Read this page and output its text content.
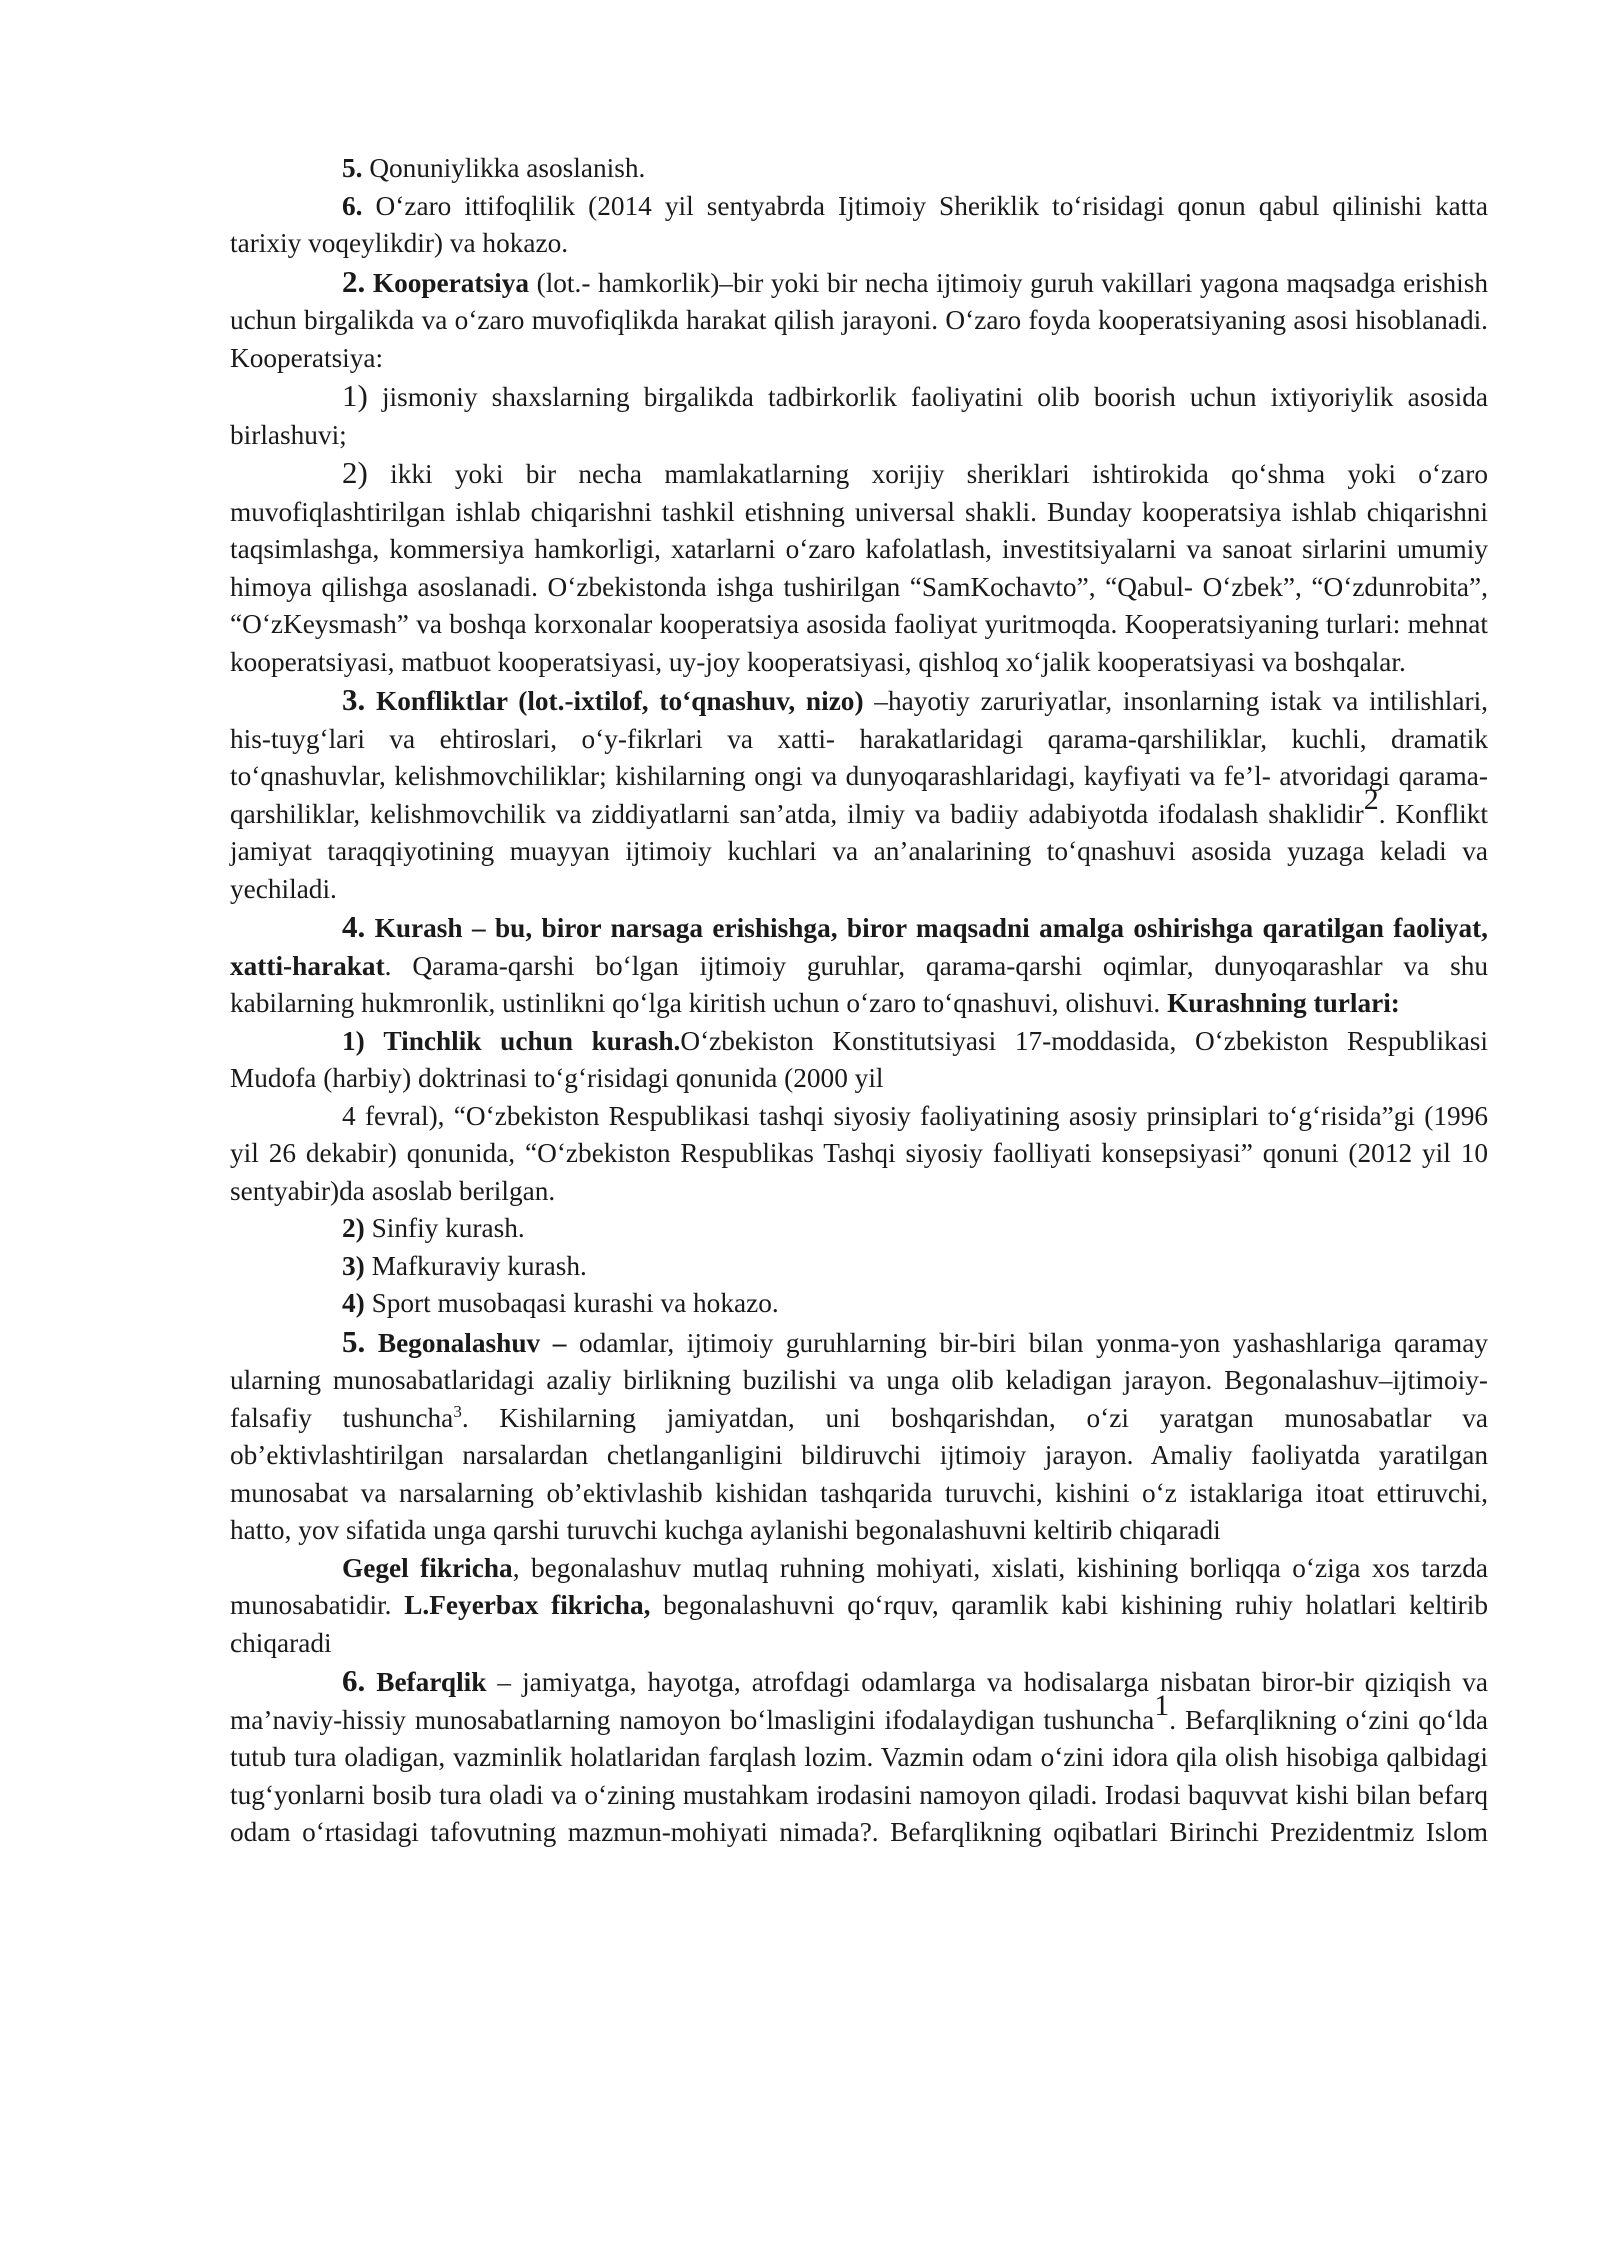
5. Qonuniylikka asoslanish.

6. O‘zaro ittifoqlilik (2014 yil sentyabrda Ijtimoiy Sheriklik to‘risidagi qonun qabul qilinishi katta tarixiy voqeylikdir) va hokazo.

2. Kooperatsiya (lot.- hamkorlik)–bir yoki bir necha ijtimoiy guruh vakillari yagona maqsadga erishish uchun birgalikda va o‘zaro muvofiqlikda harakat qilish jarayoni. O‘zaro foyda kooperatsiyaning asosi hisoblanadi. Kooperatsiya:

1) jismoniy shaxslarning birgalikda tadbirkorlik faoliyatini olib boorish uchun ixtiyoriylik asosida birlashuvi;

2) ikki yoki bir necha mamlakatlarning xorijiy sheriklari ishtirokida qo‘shma yoki o‘zaro muvofiqlashtirilgan ishlab chiqarishni tashkil etishning universal shakli. Bunday kooperatsiya ishlab chiqarishni taqsimlashga, kommersiya hamkorligi, xatarlarni o‘zaro kafolatlash, investitsiyalarni va sanoat sirlarini umumiy himoya qilishga asoslanadi. O‘zbekistonda ishga tushirilgan “SamKochavto”, “Qabul- O‘zbek”, “O‘zdunrobita”, “O‘zKeysmash” va boshqa korxonalar kooperatsiya asosida faoliyat yuritmoqda. Kooperatsiyaning turlari: mehnat kooperatsiyasi, matbuot kooperatsiyasi, uy-joy kooperatsiyasi, qishloq xo‘jalik kooperatsiyasi va boshqalar.

3. Konfliktlar (lot.-ixtilof, to‘qnashuv, nizo) –hayotiy zaruriyatlar, insonlarning istak va intilishlari, his-tuyg‘lari va ehtiroslari, o‘y-fikrlari va xatti- harakatlaridagi qarama-qarshiliklar, kuchli, dramatik to‘qnashuvlar, kelishmovchiliklar; kishilarning ongi va dunyoqarashlaridagi, kayfiyati va fe’l- atvoridagi qarama-qarshiliklar, kelishmovchilik va ziddiyatlarni san’atda, ilmiy va badiiy adabiyotda ifodalash shaklidir$^2$. Konflikt jamiyat taraqqiyotining muayyan ijtimoiy kuchlari va an’analarining to‘qnashuvi asosida yuzaga keladi va yechiladi.

4. Kurash – bu, biror narsaga erishishga, biror maqsadni amalga oshirishga qaratilgan faoliyat, xatti-harakat. Qarama-qarshi bo‘lgan ijtimoiy guruhlar, qarama-qarshi oqimlar, dunyoqarashlar va shu kabilarning hukmronlik, ustinlikni qo‘lga kiritish uchun o‘zaro to‘qnashuvi, olishuvi. Kurashning turlari:

1) Tinchlik uchun kurash.O‘zbekiston Konstitutsiyasi 17-moddasida, O‘zbekiston Respublikasi Mudofa (harbiy) doktrinasi to‘g‘risidagi qonunida (2000 yil

4 fevral), “O‘zbekiston Respublikasi tashqi siyosiy faoliyatining asosiy prinsiplari to‘g‘risida”gi (1996 yil 26 dekabir) qonunida, “O‘zbekiston Respublikas Tashqi siyosiy faolliyati konsepsiyasi” qonuni (2012 yil 10 sentyabir)da asoslab berilgan.

2) Sinfiy kurash.

3) Mafkuraviy kurash.

4) Sport musobaqasi kurashi va hokazo.

5. Begonalashuv – odamlar, ijtimoiy guruhlarning bir-biri bilan yonma-yon yashashlariga qaramay ularning munosabatlaridagi azaliy birlikning buzilishi va unga olib keladigan jarayon. Begonalashuv–ijtimoiy-falsafiy tushuncha$^3$. Kishilarning jamiyatdan, uni boshqarishdan, o‘zi yaratgan munosabatlar va ob’ektivlashtirilgan narsalardan chetlanganligini bildiruvchi ijtimoiy jarayon. Amaliy faoliyatda yaratilgan munosabat va narsalarning ob’ektivlashib kishidan tashqarida turuvchi, kishini o‘z istaklariga itoat ettiruvchi, hatto, yov sifatida unga qarshi turuvchi kuchga aylanishi begonalashuvni keltirib chiqaradi

Gegel fikricha, begonalashuv mutlaq ruhning mohiyati, xislati, kishining borliqqa o‘ziga xos tarzda munosabatidir. L.Feyerbax fikricha, begonalashuvni qo‘rquv, qaramlik kabi kishining ruhiy holatlari keltirib chiqaradi

6. Befarqlik – jamiyatga, hayotga, atrofdagi odamlarga va hodisalarga nisbatan biror-bir qiziqish va ma’naviy-hissiy munosabatlarning namoyon bo‘lmasligini ifodalaydigan tushuncha$^1$. Befarqlikning o‘zini qo‘lda tutub tura oladigan, vazminlik holatlaridan farqlash lozim. Vazmin odam o‘zini idora qila olish hisobiga qalbidagi tug‘yonlarni bosib tura oladi va o‘zining mustahkam irodasini namoyon qiladi. Irodasi baquvvat kishi bilan befarq odam o‘rtasidagi tafovutning mazmun-mohiyati nimada?. Befarqlikning oqibatlari Birinchi Prezidentmiz Islom
